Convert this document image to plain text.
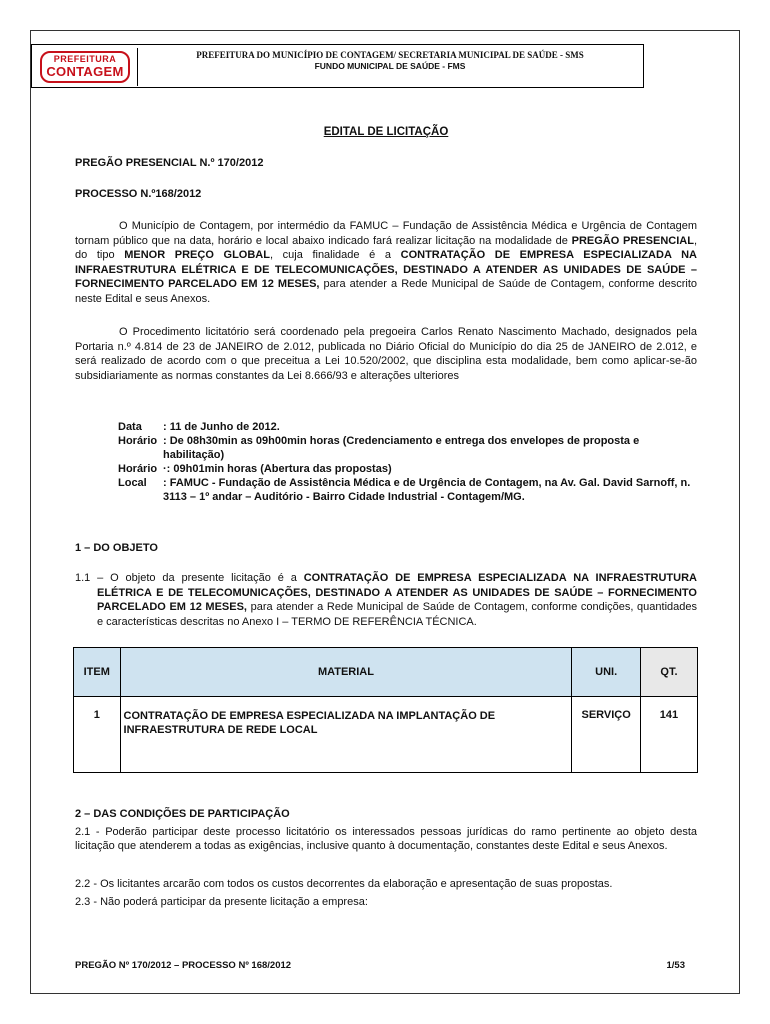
PREFEITURA
CONTAGEM
PREFEITURA DO MUNICÍPIO DE CONTAGEM/ SECRETARIA MUNICIPAL DE SAÚDE - SMS
FUNDO MUNICIPAL DE SAÚDE - FMS
EDITAL DE LICITAÇÃO
PREGÃO PRESENCIAL N.º 170/2012
PROCESSO N.º168/2012
O Município de Contagem, por intermédio da FAMUC – Fundação de Assistência Médica e Urgência de Contagem tornam público que na data, horário e local abaixo indicado fará realizar licitação na modalidade de PREGÃO PRESENCIAL, do tipo MENOR PREÇO GLOBAL, cuja finalidade é a CONTRATAÇÃO DE EMPRESA ESPECIALIZADA NA INFRAESTRUTURA ELÉTRICA E DE TELECOMUNICAÇÕES, DESTINADO A ATENDER AS UNIDADES DE SAÚDE – FORNECIMENTO PARCELADO EM 12 MESES, para atender a Rede Municipal de Saúde de Contagem, conforme descrito neste Edital e seus Anexos.
O Procedimento licitatório será coordenado pela pregoeira Carlos Renato Nascimento Machado, designados pela Portaria n.º 4.814 de 23 de JANEIRO de 2.012, publicada no Diário Oficial do Município do dia 25 de JANEIRO de 2.012, e será realizado de acordo com o que preceitua a Lei 10.520/2002, que disciplina esta modalidade, bem como aplicar-se-ão subsidiariamente as normas constantes da Lei 8.666/93 e alterações ulteriores
Data	: 11 de Junho de 2012.
Horário : De 08h30min as 09h00min horas (Credenciamento e entrega dos envelopes de proposta e habilitação)
Horário ·: 09h01min horas (Abertura das propostas)
Local	: FAMUC - Fundação de Assistência Médica e de Urgência de Contagem, na Av. Gal. David Sarnoff, n. 3113 – 1º andar – Auditório - Bairro Cidade Industrial - Contagem/MG.
1 – DO OBJETO
1.1 – O objeto da presente licitação é a CONTRATAÇÃO DE EMPRESA ESPECIALIZADA NA INFRAESTRUTURA ELÉTRICA E DE TELECOMUNICAÇÕES, DESTINADO A ATENDER AS UNIDADES DE SAÚDE – FORNECIMENTO PARCELADO EM 12 MESES, para atender a Rede Municipal de Saúde de Contagem, conforme condições, quantidades e características descritas no Anexo I – TERMO DE REFERÊNCIA TÉCNICA.
ITEM	MATERIAL	UNI.	QT.
1	CONTRATAÇÃO DE EMPRESA ESPECIALIZADA NA IMPLANTAÇÃO DE INFRAESTRUTURA DE REDE LOCAL	SERVIÇO	141
2 – DAS CONDIÇÕES DE PARTICIPAÇÃO
2.1 - Poderão participar deste processo licitatório os interessados pessoas jurídicas do ramo pertinente ao objeto desta licitação que atenderem a todas as exigências, inclusive quanto à documentação, constantes deste Edital e seus Anexos.
2.2 - Os licitantes arcarão com todos os custos decorrentes da elaboração e apresentação de suas propostas.
2.3 - Não poderá participar da presente licitação a empresa:
PREGÃO Nº 170/2012 – PROCESSO Nº 168/2012	1/53
